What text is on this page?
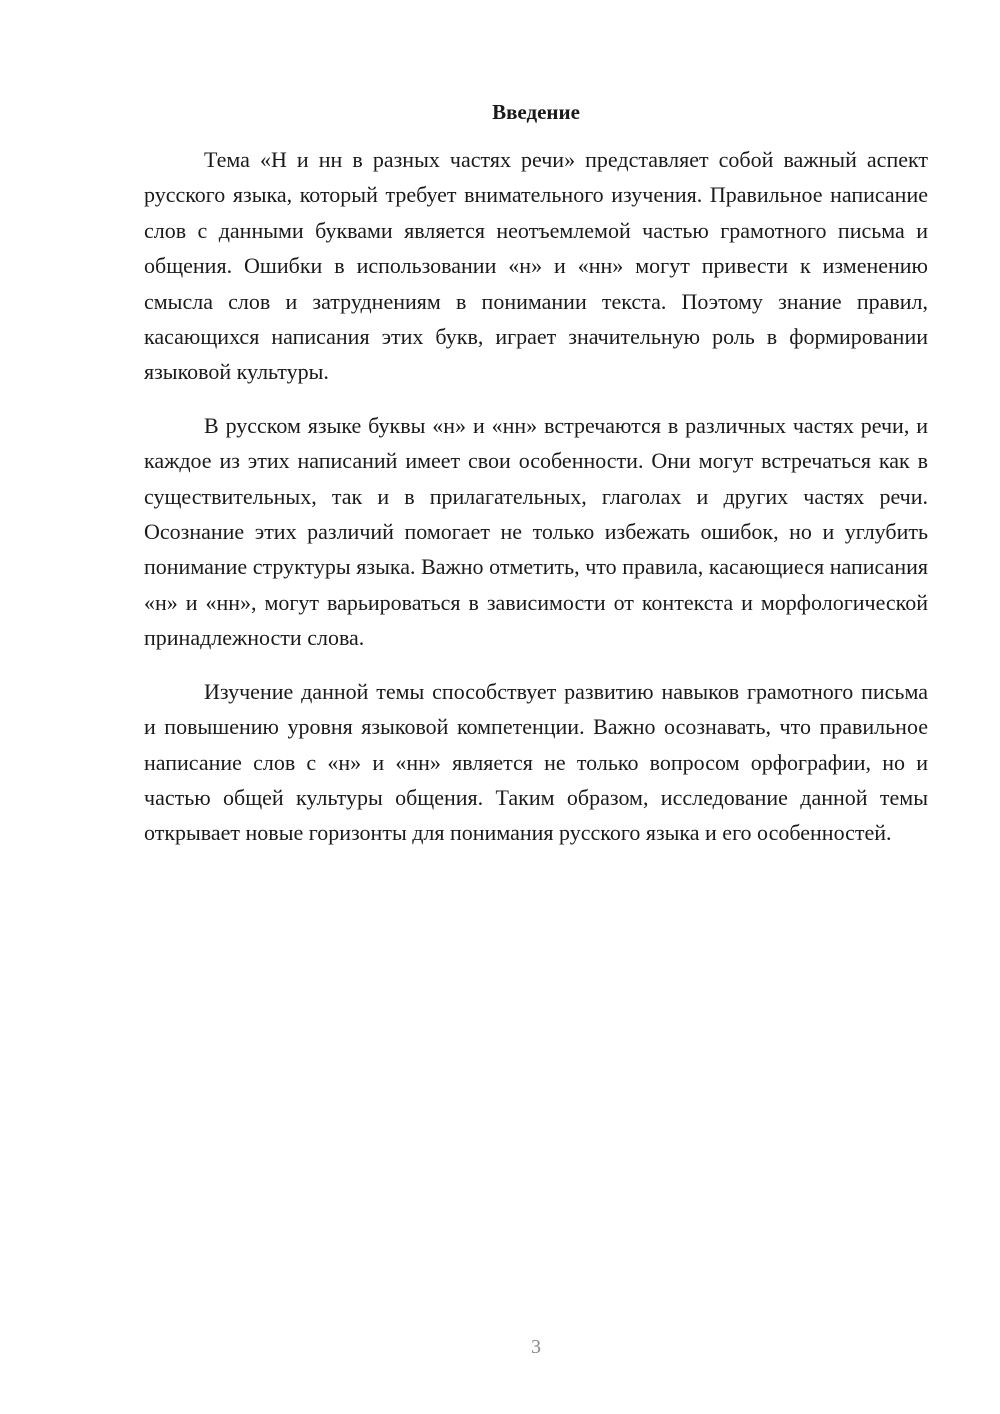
Введение

Тема «Н и нн в разных частях речи» представляет собой важный аспект русского языка, который требует внимательного изучения. Правильное написание слов с данными буквами является неотъемлемой частью грамотного письма и общения. Ошибки в использовании «н» и «нн» могут привести к изменению смысла слов и затруднениям в понимании текста. Поэтому знание правил, касающихся написания этих букв, играет значительную роль в формировании языковой культуры.

В русском языке буквы «н» и «нн» встречаются в различных частях речи, и каждое из этих написаний имеет свои особенности. Они могут встречаться как в существительных, так и в прилагательных, глаголах и других частях речи. Осознание этих различий помогает не только избежать ошибок, но и углубить понимание структуры языка. Важно отметить, что правила, касающиеся написания «н» и «нн», могут варьироваться в зависимости от контекста и морфологической принадлежности слова.

Изучение данной темы способствует развитию навыков грамотного письма и повышению уровня языковой компетенции. Важно осознавать, что правильное написание слов с «н» и «нн» является не только вопросом орфографии, но и частью общей культуры общения. Таким образом, исследование данной темы открывает новые горизонты для понимания русского языка и его особенностей.

3
